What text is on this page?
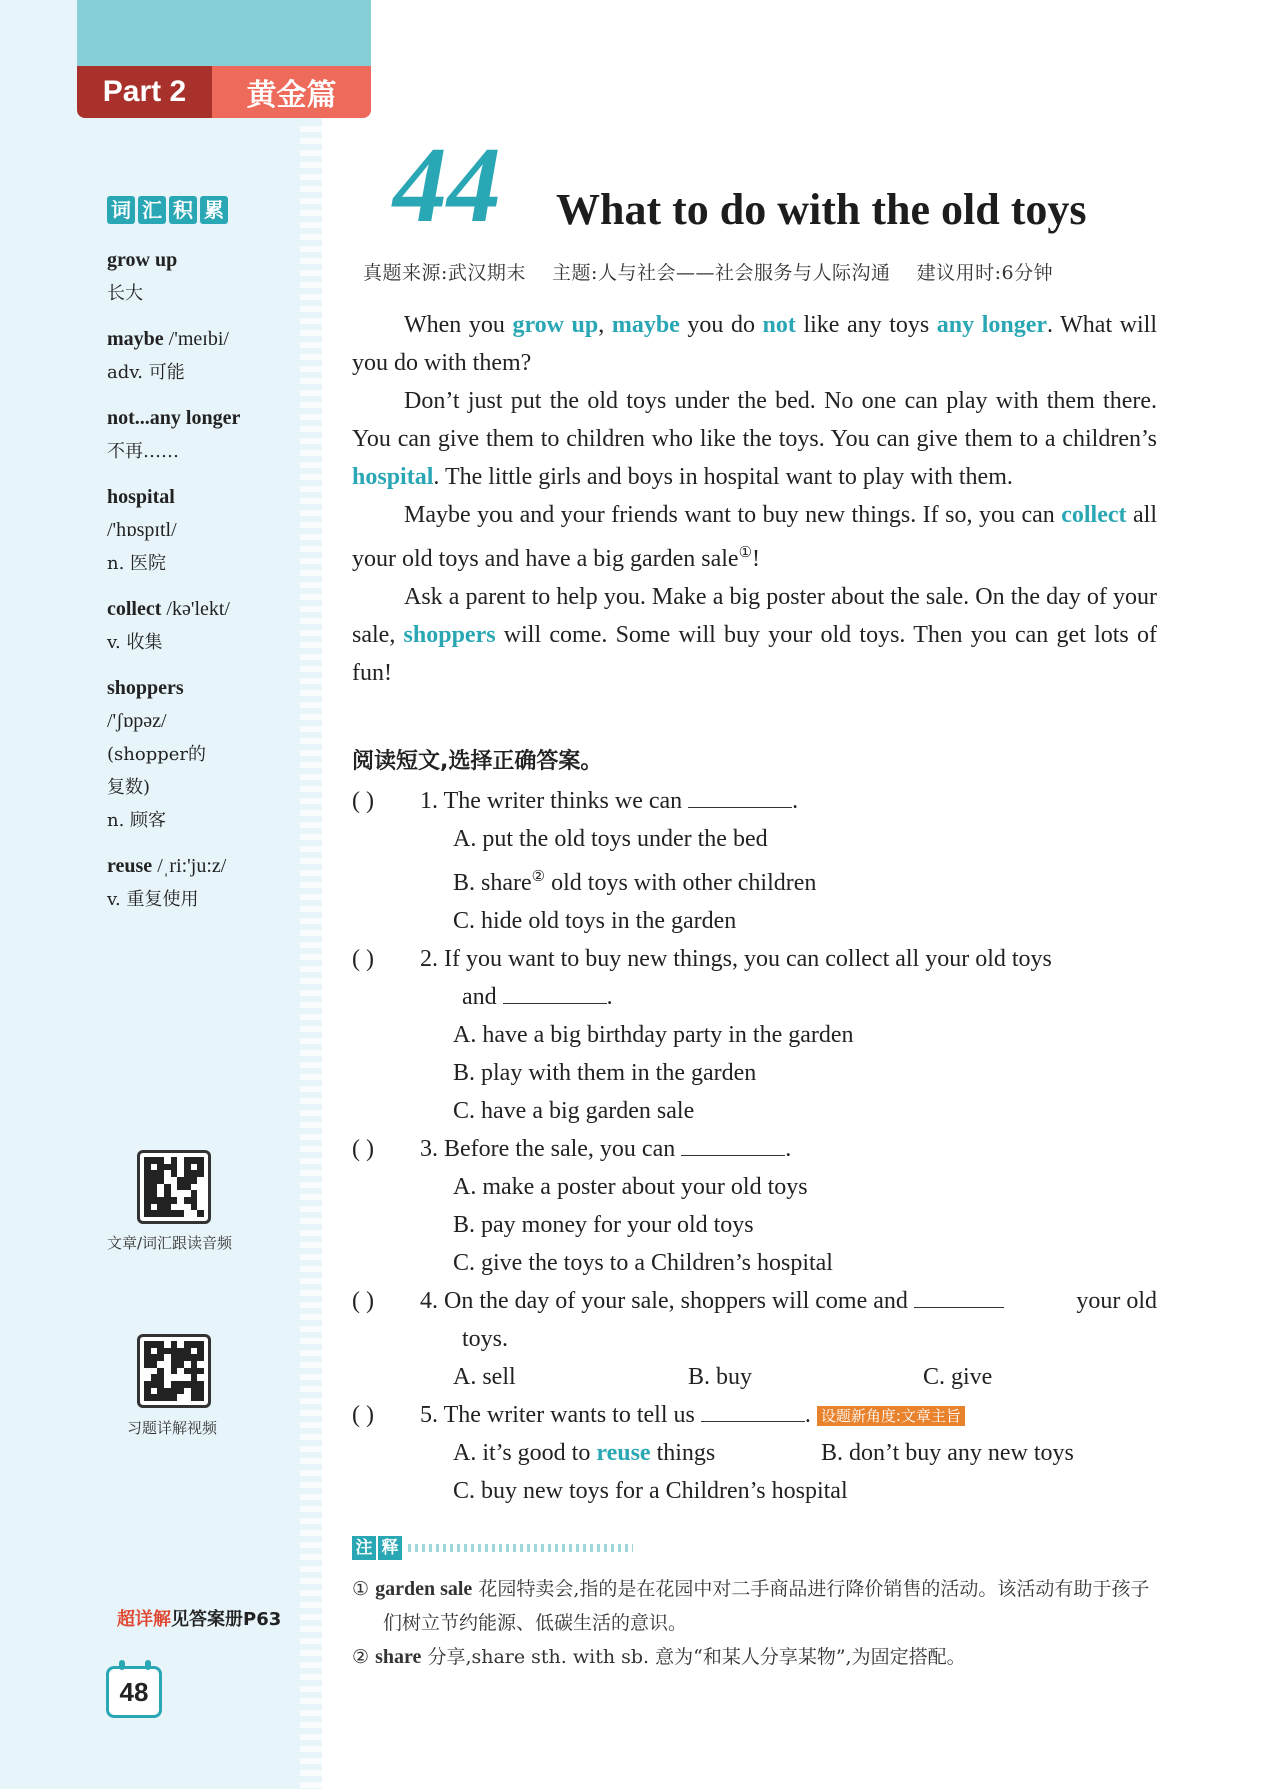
Part 2	黄金篇
词 汇 积 累
grow up
长大
maybe /'meɪbi/
adv. 可能
not...any longer
不再……
hospital
/'hɒspɪtl/
n. 医院
collect /kə'lekt/
v. 收集
shoppers
/'ʃɒpəz/
(shopper的
复数)
n. 顾客
reuse /ˌri:'ju:z/
v. 重复使用
文章/词汇跟读音频
习题详解视频
超详解见答案册P63
48
44 What to do with the old toys
真题来源:武汉期末    主题:人与社会——社会服务与人际沟通    建议用时:6分钟

When you grow up, maybe you do not like any toys any longer. What will you do with them?

Don’t just put the old toys under the bed. No one can play with them there. You can give them to children who like the toys. You can give them to a children’s hospital. The little girls and boys in hospital want to play with them.

Maybe you and your friends want to buy new things. If so, you can collect all your old toys and have a big garden sale①!

Ask a parent to help you. Make a big poster about the sale. On the day of your sale, shoppers will come. Some will buy your old toys. Then you can get lots of fun!

阅读短文,选择正确答案。
( ) 1. The writer thinks we can	.
A. put the old toys under the bed
B. share② old toys with other children
C. hide old toys in the garden
( ) 2. If you want to buy new things, you can collect all your old toys
and	.
A. have a big birthday party in the garden
B. play with them in the garden
C. have a big garden sale
( ) 3. Before the sale, you can	.
A. make a poster about your old toys
B. pay money for your old toys
C. give the toys to a Children’s hospital
( ) 4. On the day of your sale, shoppers will come and	your old
toys.
A. sell	B. buy	C. give
( ) 5. The writer wants to tell us	. 设题新角度:文章主旨
A. it’s good to reuse things	B. don’t buy any new toys
C. buy new toys for a Children’s hospital
注 释
① garden sale 花园特卖会,指的是在花园中对二手商品进行降价销售的活动。该活动有助于孩子们树立节约能源、低碳生活的意识。
② share 分享,share sth. with sb. 意为“和某人分享某物”,为固定搭配。
